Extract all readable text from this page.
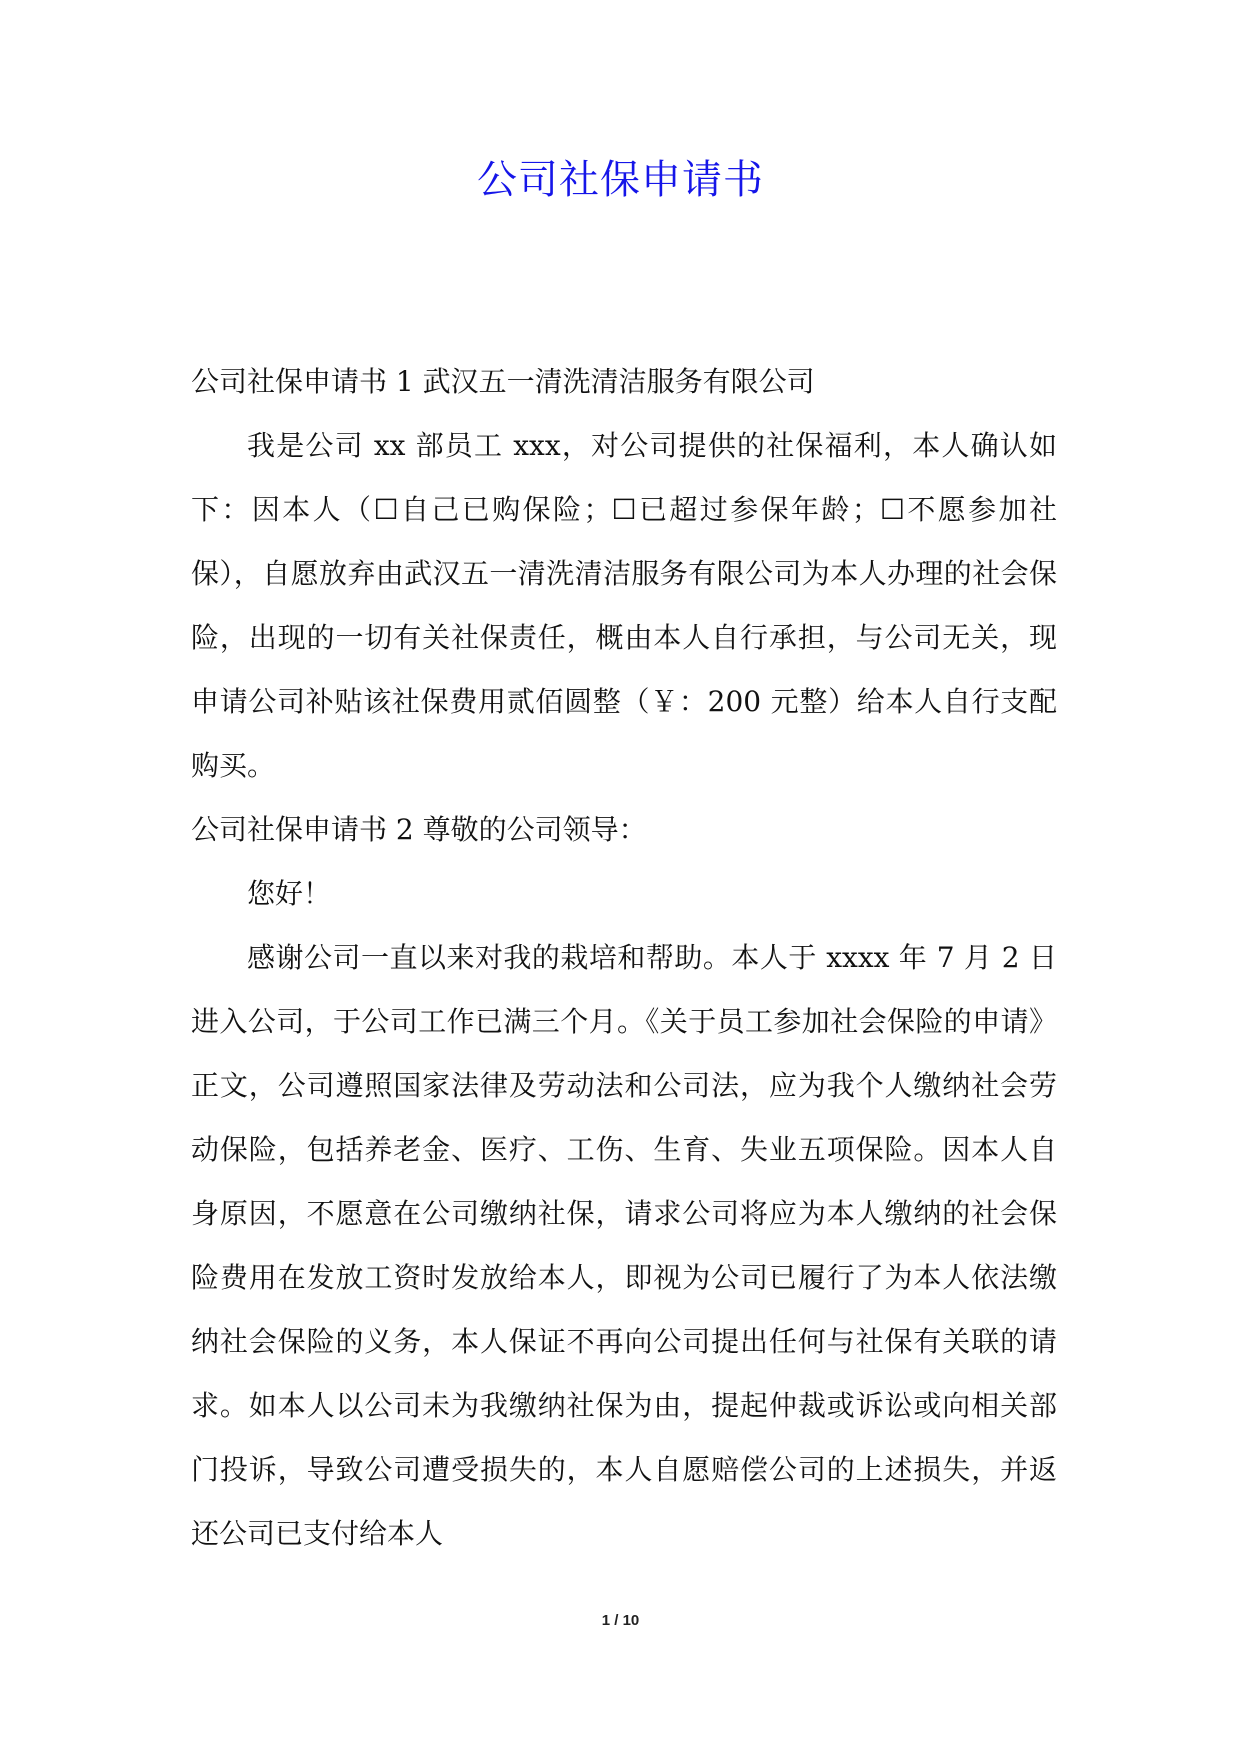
公司社保申请书

公司社保申请书 1 武汉五一清洗清洁服务有限公司

我是公司 xx 部员工 xxx，对公司提供的社保福利，本人确认如下：因本人（☐自己已购保险；☐已超过参保年龄；☐不愿参加社保），自愿放弃由武汉五一清洗清洁服务有限公司为本人办理的社会保险，出现的一切有关社保责任，概由本人自行承担，与公司无关，现申请公司补贴该社保费用贰佰圆整（￥：200 元整）给本人自行支配购买。

公司社保申请书 2 尊敬的公司领导：

您好！

感谢公司一直以来对我的栽培和帮助。本人于 xxxx 年 7 月 2 日进入公司，于公司工作已满三个月。《关于员工参加社会保险的申请》正文，公司遵照国家法律及劳动法和公司法，应为我个人缴纳社会劳动保险，包括养老金、医疗、工伤、生育、失业五项保险。因本人自身原因，不愿意在公司缴纳社保，请求公司将应为本人缴纳的社会保险费用在发放工资时发放给本人，即视为公司已履行了为本人依法缴纳社会保险的义务，本人保证不再向公司提出任何与社保有关联的请求。如本人以公司未为我缴纳社保为由，提起仲裁或诉讼或向相关部门投诉，导致公司遭受损失的，本人自愿赔偿公司的上述损失，并返还公司已支付给本人

1 / 10
